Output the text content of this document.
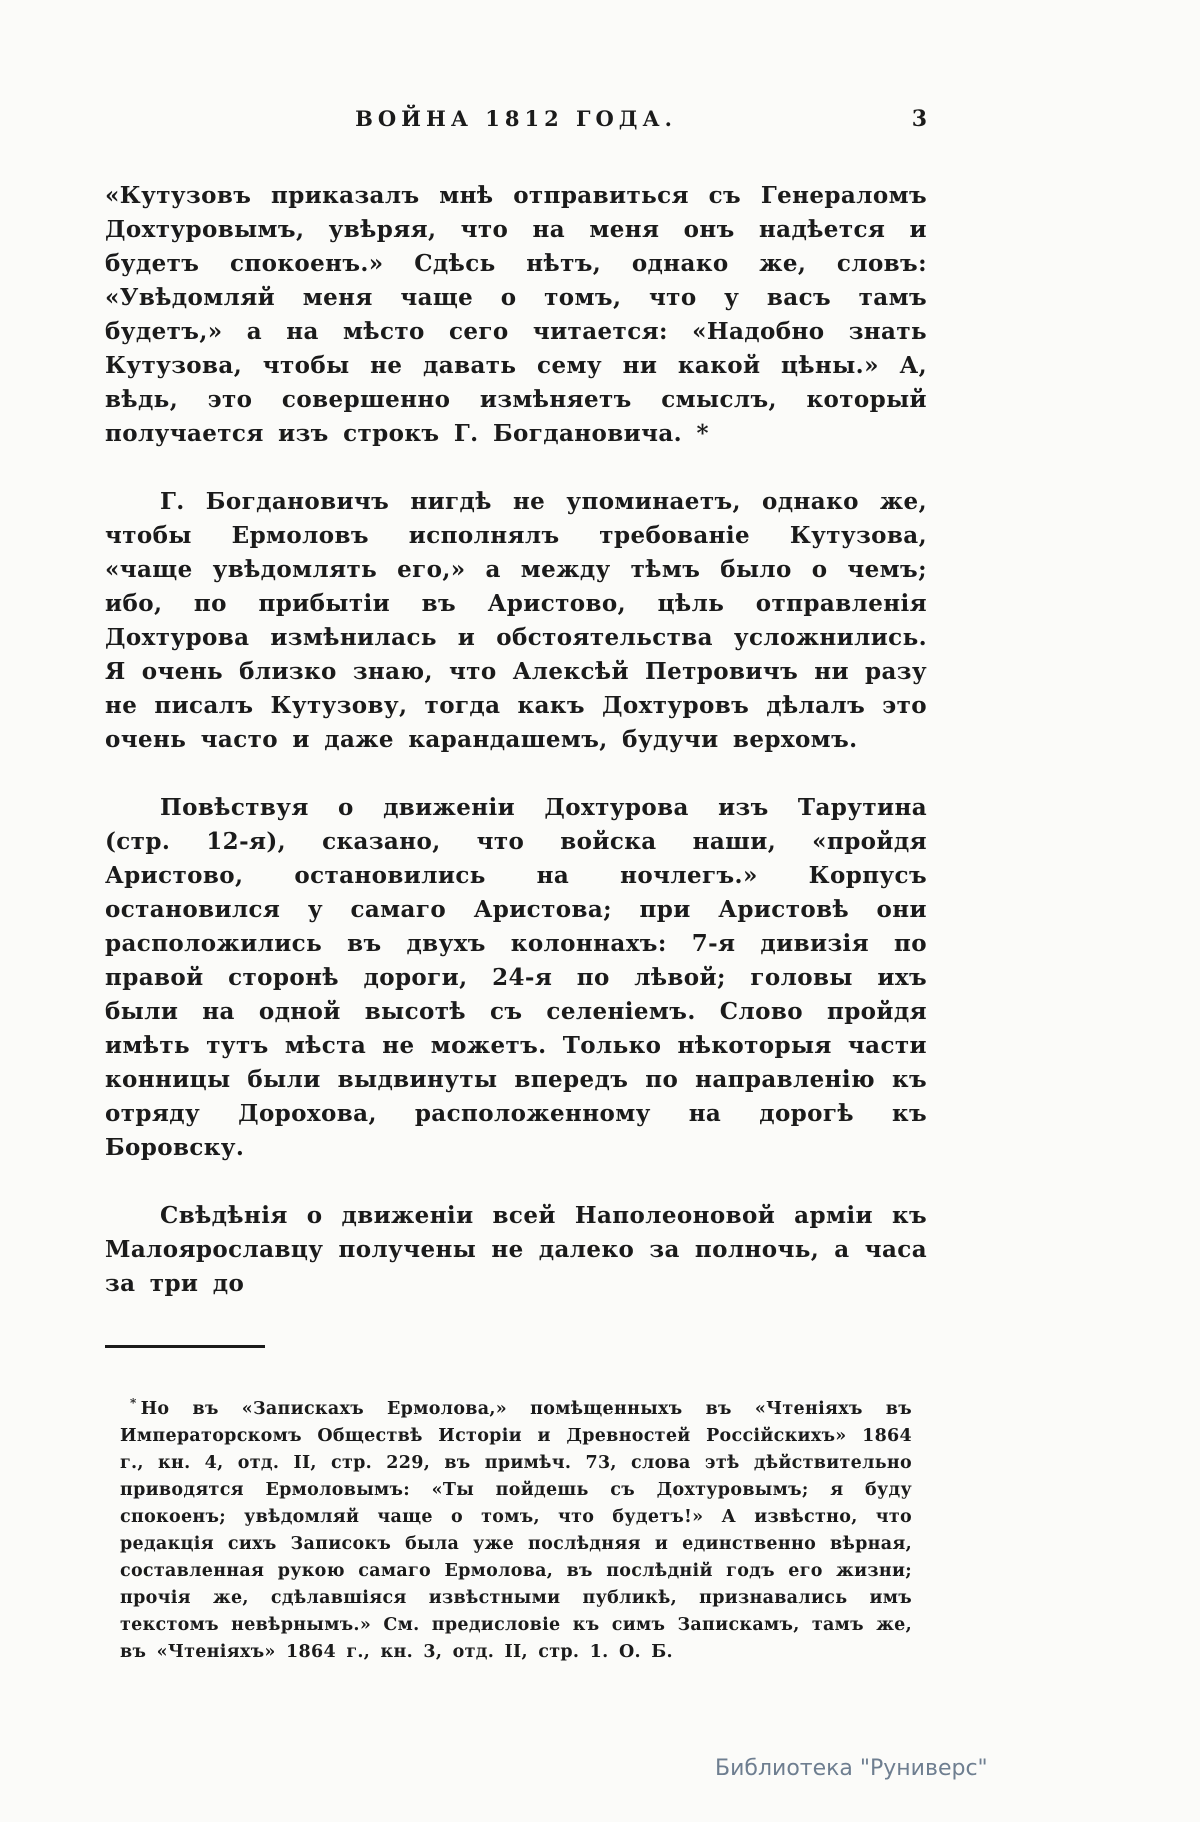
ВОЙНА 1812 ГОДА.	3

«Кутузовъ приказалъ мнѣ отправиться съ Генераломъ Дохтуровымъ, увѣряя, что на меня онъ надѣется и будетъ спокоенъ.» Сдѣсь нѣтъ, однако же, словъ: «Увѣдомляй меня чаще о томъ, что у васъ тамъ будетъ,» а на мѣсто сего читается: «Надобно знать Кутузова, чтобы не давать сему ни какой цѣны.» А, вѣдь, это совершенно измѣняетъ смыслъ, который получается изъ строкъ Г. Богдановича. *

Г. Богдановичъ нигдѣ не упоминаетъ, однако же, чтобы Ермоловъ исполнялъ требованіе Кутузова, «чаще увѣдомлять его,» а между тѣмъ было о чемъ; ибо, по прибытіи въ Аристово, цѣль отправленія Дохтурова измѣнилась и обстоятельства усложнились. Я очень близко знаю, что Алексѣй Петровичъ ни разу не писалъ Кутузову, тогда какъ Дохтуровъ дѣлалъ это очень часто и даже карандашемъ, будучи верхомъ.

Повѣствуя о движеніи Дохтурова изъ Тарутина (стр. 12-я), сказано, что войска наши, «пройдя Аристово, остановились на ночлегъ.» Корпусъ остановился у самаго Аристова; при Аристовѣ они расположились въ двухъ колоннахъ: 7-я дивизія по правой сторонѣ дороги, 24-я по лѣвой; головы ихъ были на одной высотѣ съ селеніемъ. Слово пройдя имѣть тутъ мѣста не можетъ. Только нѣкоторыя части конницы были выдвинуты впередъ по направленію къ отряду Дорохова, расположенному на дорогѣ къ Боровску.

Свѣдѣнія о движеніи всей Наполеоновой арміи къ Малоярославцу получены не далеко за полночь, а часа за три до

* Но въ «Запискахъ Ермолова,» помѣщенныхъ въ «Чтеніяхъ въ Императорскомъ Обществѣ Исторіи и Древностей Россійскихъ» 1864 г., кн. 4, отд. II, стр. 229, въ примѣч. 73, слова этѣ дѣйствительно приводятся Ермоловымъ: «Ты пойдешь съ Дохтуровымъ; я буду спокоенъ; увѣдомляй чаще о томъ, что будетъ!» А извѣстно, что редакція сихъ Записокъ была уже послѣдняя и единственно вѣрная, составленная рукою самаго Ермолова, въ послѣдній годъ его жизни; прочія же, сдѣлавшіяся извѣстными публикѣ, признавались имъ текстомъ невѣрнымъ.» См. предисловіе къ симъ Запискамъ, тамъ же, въ «Чтеніяхъ» 1864 г., кн. 3, отд. II, стр. 1. О. Б.

Библиотека "Руниверс"
